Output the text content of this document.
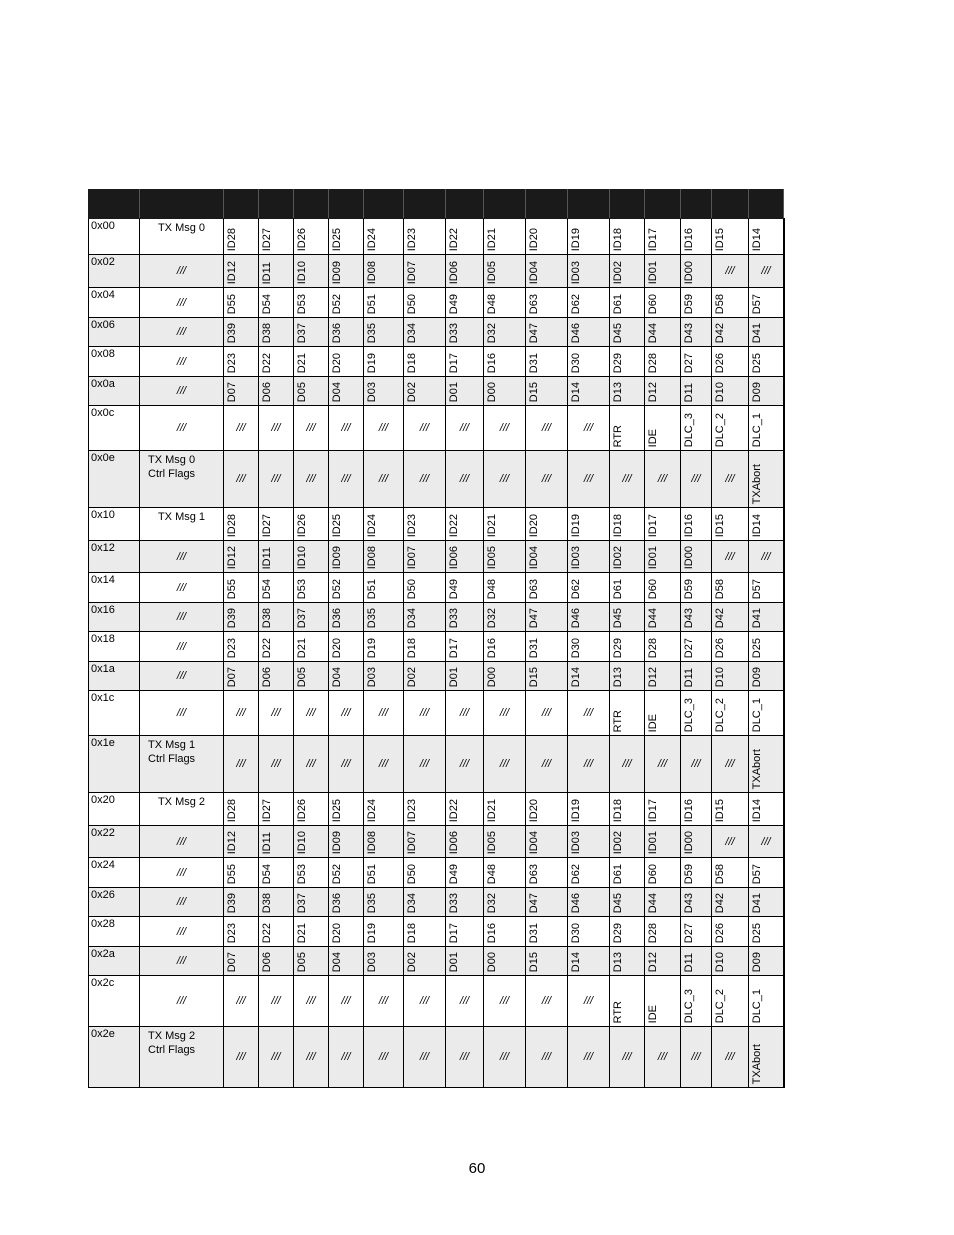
0x00	TX Msg 0	ID28	ID27	ID26	ID25	ID24	ID23	ID22	ID21	ID20	ID19	ID18	ID17	ID16	ID15	ID14

0x02	///	ID12	ID11	ID10	ID09	ID08	ID07	ID06	ID05	ID04	ID03	ID02	ID01	ID00	///	///

0x04	///	D55	D54	D53	D52	D51	D50	D49	D48	D63	D62	D61	D60	D59	D58	D57

0x06	///	D39	D38	D37	D36	D35	D34	D33	D32	D47	D46	D45	D44	D43	D42	D41

0x08	///	D23	D22	D21	D20	D19	D18	D17	D16	D31	D30	D29	D28	D27	D26	D25

0x0a	///	D07	D06	D05	D04	D03	D02	D01	D00	D15	D14	D13	D12	D11	D10	D09

0x0c	///	///	///	///	///	///	///	///	///	///	///	RTR	IDE	DLC_3	DLC_2	DLC_1

0x0e	TX Msg 0
Ctrl Flags	///	///	///	///	///	///	///	///	///	///	///	///	///	///	TXAbort

0x10	TX Msg 1	ID28	ID27	ID26	ID25	ID24	ID23	ID22	ID21	ID20	ID19	ID18	ID17	ID16	ID15	ID14

0x12	///	ID12	ID11	ID10	ID09	ID08	ID07	ID06	ID05	ID04	ID03	ID02	ID01	ID00	///	///

0x14	///	D55	D54	D53	D52	D51	D50	D49	D48	D63	D62	D61	D60	D59	D58	D57

0x16	///	D39	D38	D37	D36	D35	D34	D33	D32	D47	D46	D45	D44	D43	D42	D41

0x18	///	D23	D22	D21	D20	D19	D18	D17	D16	D31	D30	D29	D28	D27	D26	D25

0x1a	///	D07	D06	D05	D04	D03	D02	D01	D00	D15	D14	D13	D12	D11	D10	D09

0x1c	///	///	///	///	///	///	///	///	///	///	///	RTR	IDE	DLC_3	DLC_2	DLC_1

0x1e	TX Msg 1
Ctrl Flags	///	///	///	///	///	///	///	///	///	///	///	///	///	///	TXAbort

0x20	TX Msg 2	ID28	ID27	ID26	ID25	ID24	ID23	ID22	ID21	ID20	ID19	ID18	ID17	ID16	ID15	ID14

0x22	///	ID12	ID11	ID10	ID09	ID08	ID07	ID06	ID05	ID04	ID03	ID02	ID01	ID00	///	///

0x24	///	D55	D54	D53	D52	D51	D50	D49	D48	D63	D62	D61	D60	D59	D58	D57

0x26	///	D39	D38	D37	D36	D35	D34	D33	D32	D47	D46	D45	D44	D43	D42	D41

0x28	///	D23	D22	D21	D20	D19	D18	D17	D16	D31	D30	D29	D28	D27	D26	D25

0x2a	///	D07	D06	D05	D04	D03	D02	D01	D00	D15	D14	D13	D12	D11	D10	D09

0x2c	///	///	///	///	///	///	///	///	///	///	///	RTR	IDE	DLC_3	DLC_2	DLC_1

0x2e	TX Msg 2
Ctrl Flags	///	///	///	///	///	///	///	///	///	///	///	///	///	///	TXAbort

60
